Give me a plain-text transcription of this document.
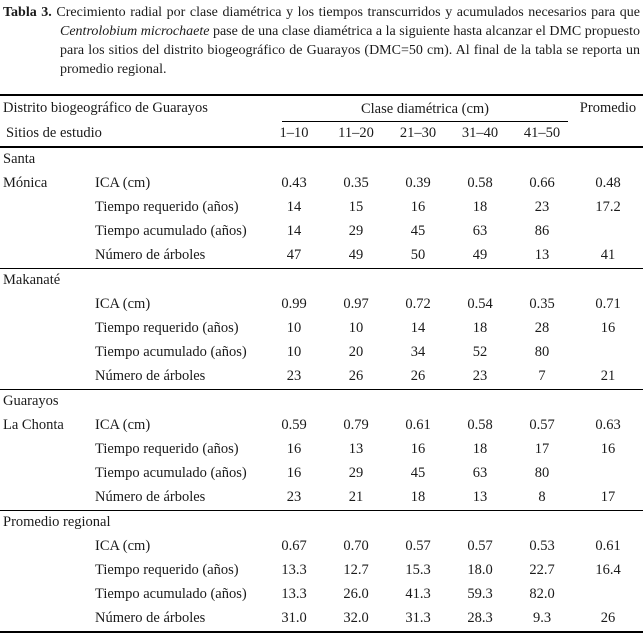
Tabla 3. Crecimiento radial por clase diamétrica y los tiempos transcurridos y acumulados necesarios para que Centrolobium microchaete pase de una clase diamétrica a la siguiente hasta alcanzar el DMC propuesto para los sitios del distrito biogeográfico de Guarayos (DMC=50 cm). Al final de la tabla se reporta un promedio regional.
Distrito biogeográfico de Guarayos		Clase diamétrica (cm)					Promedio
Sitios de estudio		1–10	11–20	21–30	31–40	41–50	
Santa							
Mónica	ICA (cm)	0.43	0.35	0.39	0.58	0.66	0.48
	Tiempo requerido (años)	14	15	16	18	23	17.2
	Tiempo acumulado (años)	14	29	45	63	86	
	Número de árboles	47	49	50	49	13	41
Makanaté							
	ICA (cm)	0.99	0.97	0.72	0.54	0.35	0.71
	Tiempo requerido (años)	10	10	14	18	28	16
	Tiempo acumulado (años)	10	20	34	52	80	
	Número de árboles	23	26	26	23	7	21
Guarayos							
La Chonta	ICA (cm)	0.59	0.79	0.61	0.58	0.57	0.63
	Tiempo requerido (años)	16	13	16	18	17	16
	Tiempo acumulado (años)	16	29	45	63	80	
	Número de árboles	23	21	18	13	8	17
Promedio regional							
	ICA (cm)	0.67	0.70	0.57	0.57	0.53	0.61
	Tiempo requerido (años)	13.3	12.7	15.3	18.0	22.7	16.4
	Tiempo acumulado (años)	13.3	26.0	41.3	59.3	82.0	
	Número de árboles	31.0	32.0	31.3	28.3	9.3	26
